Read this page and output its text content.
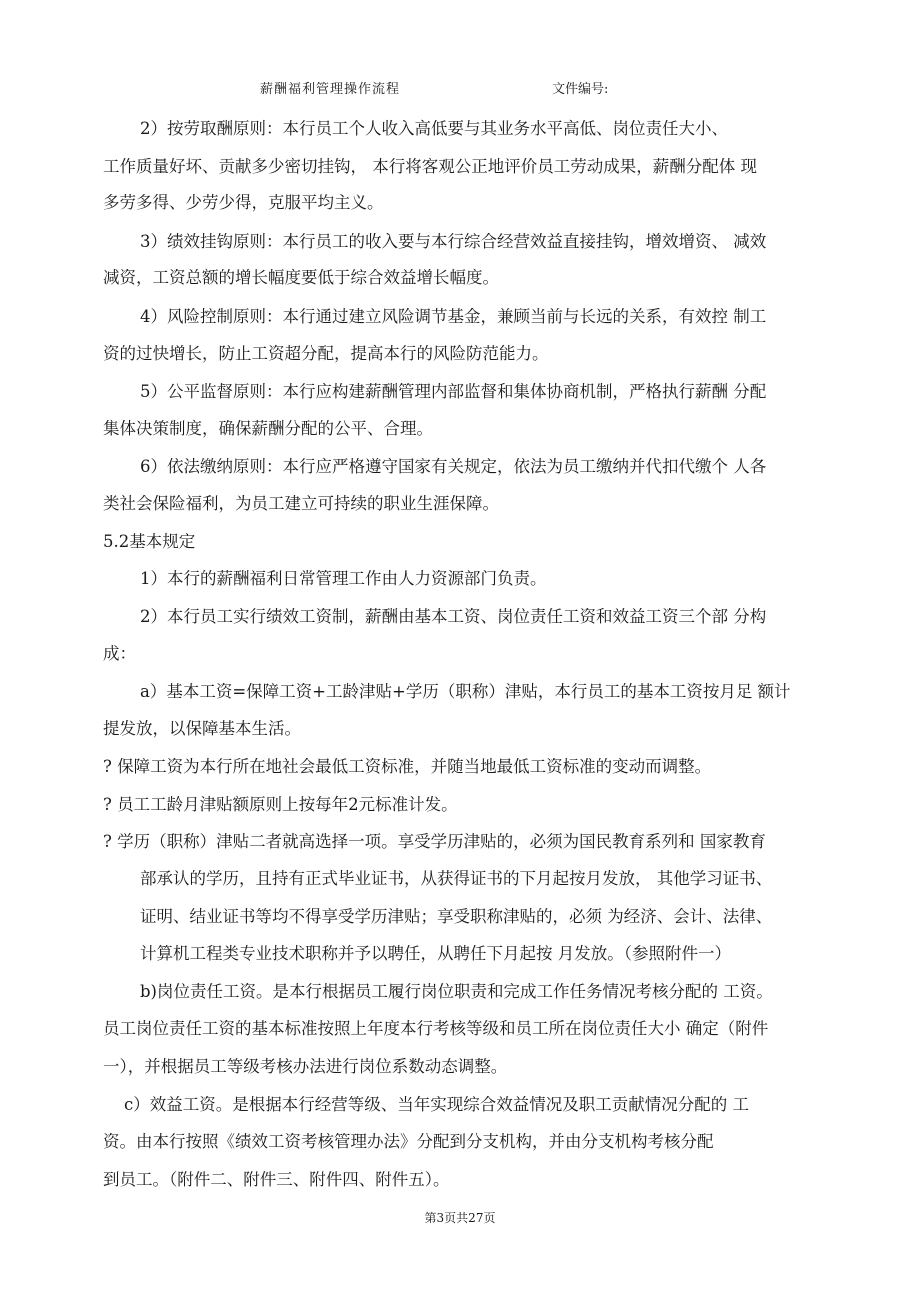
薪酬福利管理操作流程	文件编号:
2）按劳取酬原则：本行员工个人收入高低要与其业务水平高低、岗位责任大小、
工作质量好坏、贡献多少密切挂钩， 本行将客观公正地评价员工劳动成果，薪酬分配体 现
多劳多得、少劳少得，克服平均主义。
3）绩效挂钩原则：本行员工的收入要与本行综合经营效益直接挂钩，增效增资、 减效
减资，工资总额的增长幅度要低于综合效益增长幅度。
4）风险控制原则：本行通过建立风险调节基金，兼顾当前与长远的关系，有效控 制工
资的过快增长，防止工资超分配，提高本行的风险防范能力。
5）公平监督原则：本行应构建薪酬管理内部监督和集体协商机制，严格执行薪酬 分配
集体决策制度，确保薪酬分配的公平、合理。
6）依法缴纳原则：本行应严格遵守国家有关规定，依法为员工缴纳并代扣代缴个 人各
类社会保险福利，为员工建立可持续的职业生涯保障。
5.2基本规定
1）本行的薪酬福利日常管理工作由人力资源部门负责。
2）本行员工实行绩效工资制，薪酬由基本工资、岗位责任工资和效益工资三个部 分构
成：
a）基本工资=保障工资+工龄津贴+学历（职称）津贴，本行员工的基本工资按月足 额计
提发放，以保障基本生活。
? 保障工资为本行所在地社会最低工资标准，并随当地最低工资标准的变动而调整。
? 员工工龄月津贴额原则上按每年2元标准计发。
? 学历（职称）津贴二者就高选择一项。享受学历津贴的，必须为国民教育系列和 国家教育
部承认的学历，且持有正式毕业证书，从获得证书的下月起按月发放， 其他学习证书、
证明、结业证书等均不得享受学历津贴；享受职称津贴的，必须 为经济、会计、法律、
计算机工程类专业技术职称并予以聘任，从聘任下月起按 月发放。（参照附件一）
b)岗位责任工资。是本行根据员工履行岗位职责和完成工作任务情况考核分配的 工资。
员工岗位责任工资的基本标准按照上年度本行考核等级和员工所在岗位责任大小 确定（附件
一），并根据员工等级考核办法进行岗位系数动态调整。
c）效益工资。是根据本行经营等级、当年实现综合效益情况及职工贡献情况分配的 工
资。由本行按照《绩效工资考核管理办法》分配到分支机构，并由分支机构考核分配
到员工。（附件二、附件三、附件四、附件五）。
第3页共27页
